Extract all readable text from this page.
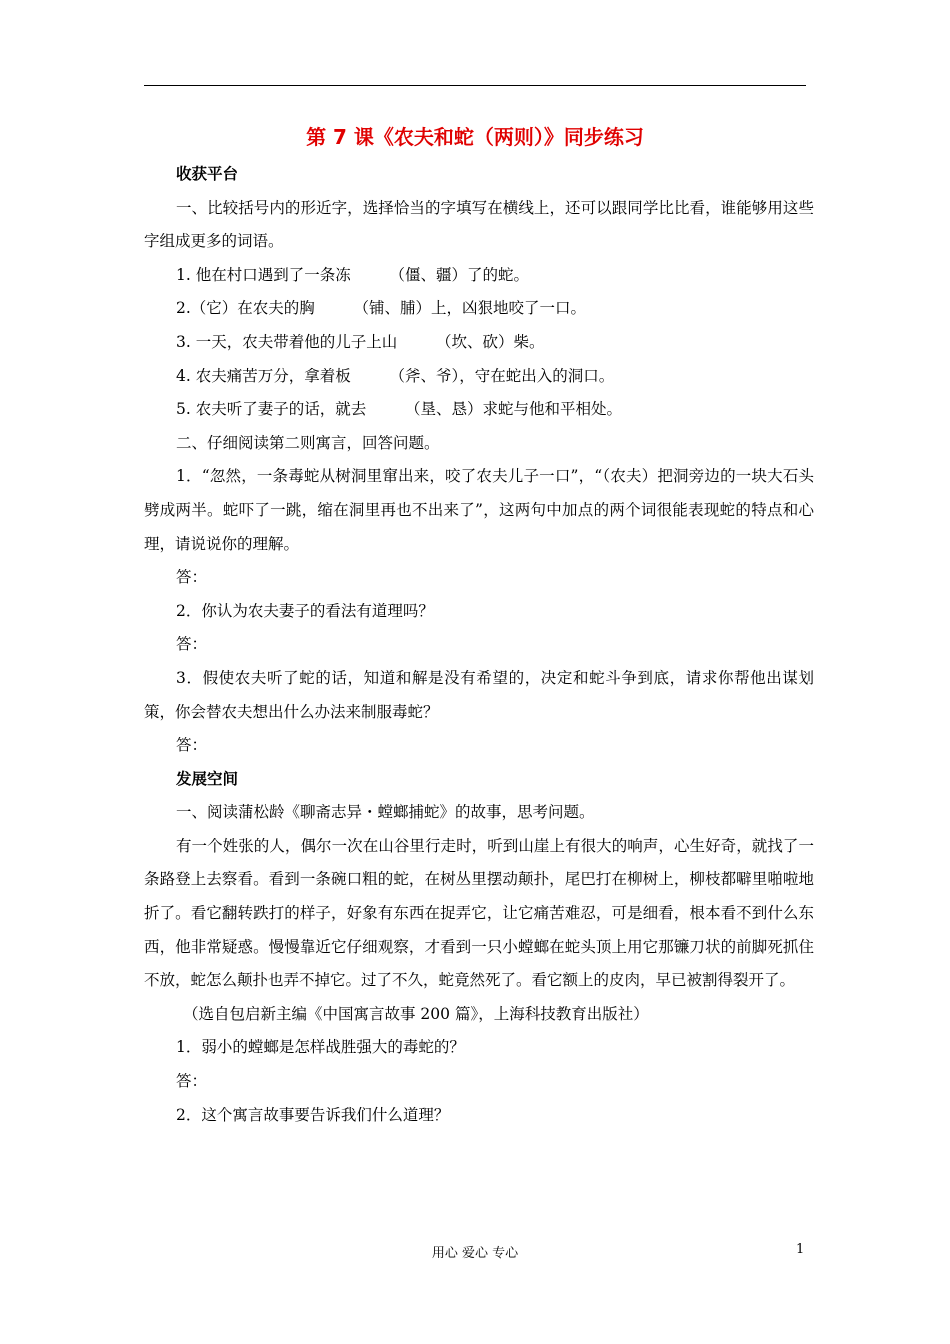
第 7 课《农夫和蛇（两则）》同步练习

收获平台

一、比较括号内的形近字，选择恰当的字填写在横线上，还可以跟同学比比看，谁能够用这些字组成更多的词语。

1. 他在村口遇到了一条冻　　　（僵、疆）了的蛇。

2.（它）在农夫的胸　　　（铺、脯）上，凶狠地咬了一口。

3. 一天，农夫带着他的儿子上山　　　（坎、砍）柴。

4. 农夫痛苦万分，拿着板　　　（斧、爷），守在蛇出入的洞口。

5. 农夫听了妻子的话，就去　　　（垦、恳）求蛇与他和平相处。

二、仔细阅读第二则寓言，回答问题。

1．“忽然，一条毒蛇从树洞里窜出来，咬了农夫儿子一口”，“（农夫）把洞旁边的一块大石头劈成两半。蛇吓了一跳，缩在洞里再也不出来了”，这两句中加点的两个词很能表现蛇的特点和心理，请说说你的理解。

答：

2．你认为农夫妻子的看法有道理吗？

答：

3．假使农夫听了蛇的话，知道和解是没有希望的，决定和蛇斗争到底，请求你帮他出谋划策，你会替农夫想出什么办法来制服毒蛇？

答：

发展空间

一、阅读蒲松龄《聊斋志异・螳螂捕蛇》的故事，思考问题。

有一个姓张的人，偶尔一次在山谷里行走时，听到山崖上有很大的响声，心生好奇，就找了一条路登上去察看。看到一条碗口粗的蛇，在树丛里摆动颠扑，尾巴打在柳树上，柳枝都噼里啪啦地折了。看它翻转跌打的样子，好象有东西在捉弄它，让它痛苦难忍，可是细看，根本看不到什么东西，他非常疑惑。慢慢靠近它仔细观察，才看到一只小螳螂在蛇头顶上用它那镰刀状的前脚死抓住不放，蛇怎么颠扑也弄不掉它。过了不久，蛇竟然死了。看它额上的皮肉，早已被割得裂开了。

（选自包启新主编《中国寓言故事 200 篇》，上海科技教育出版社）

1．弱小的螳螂是怎样战胜强大的毒蛇的？

答：

2．这个寓言故事要告诉我们什么道理？

用心 爱心 专心	1
